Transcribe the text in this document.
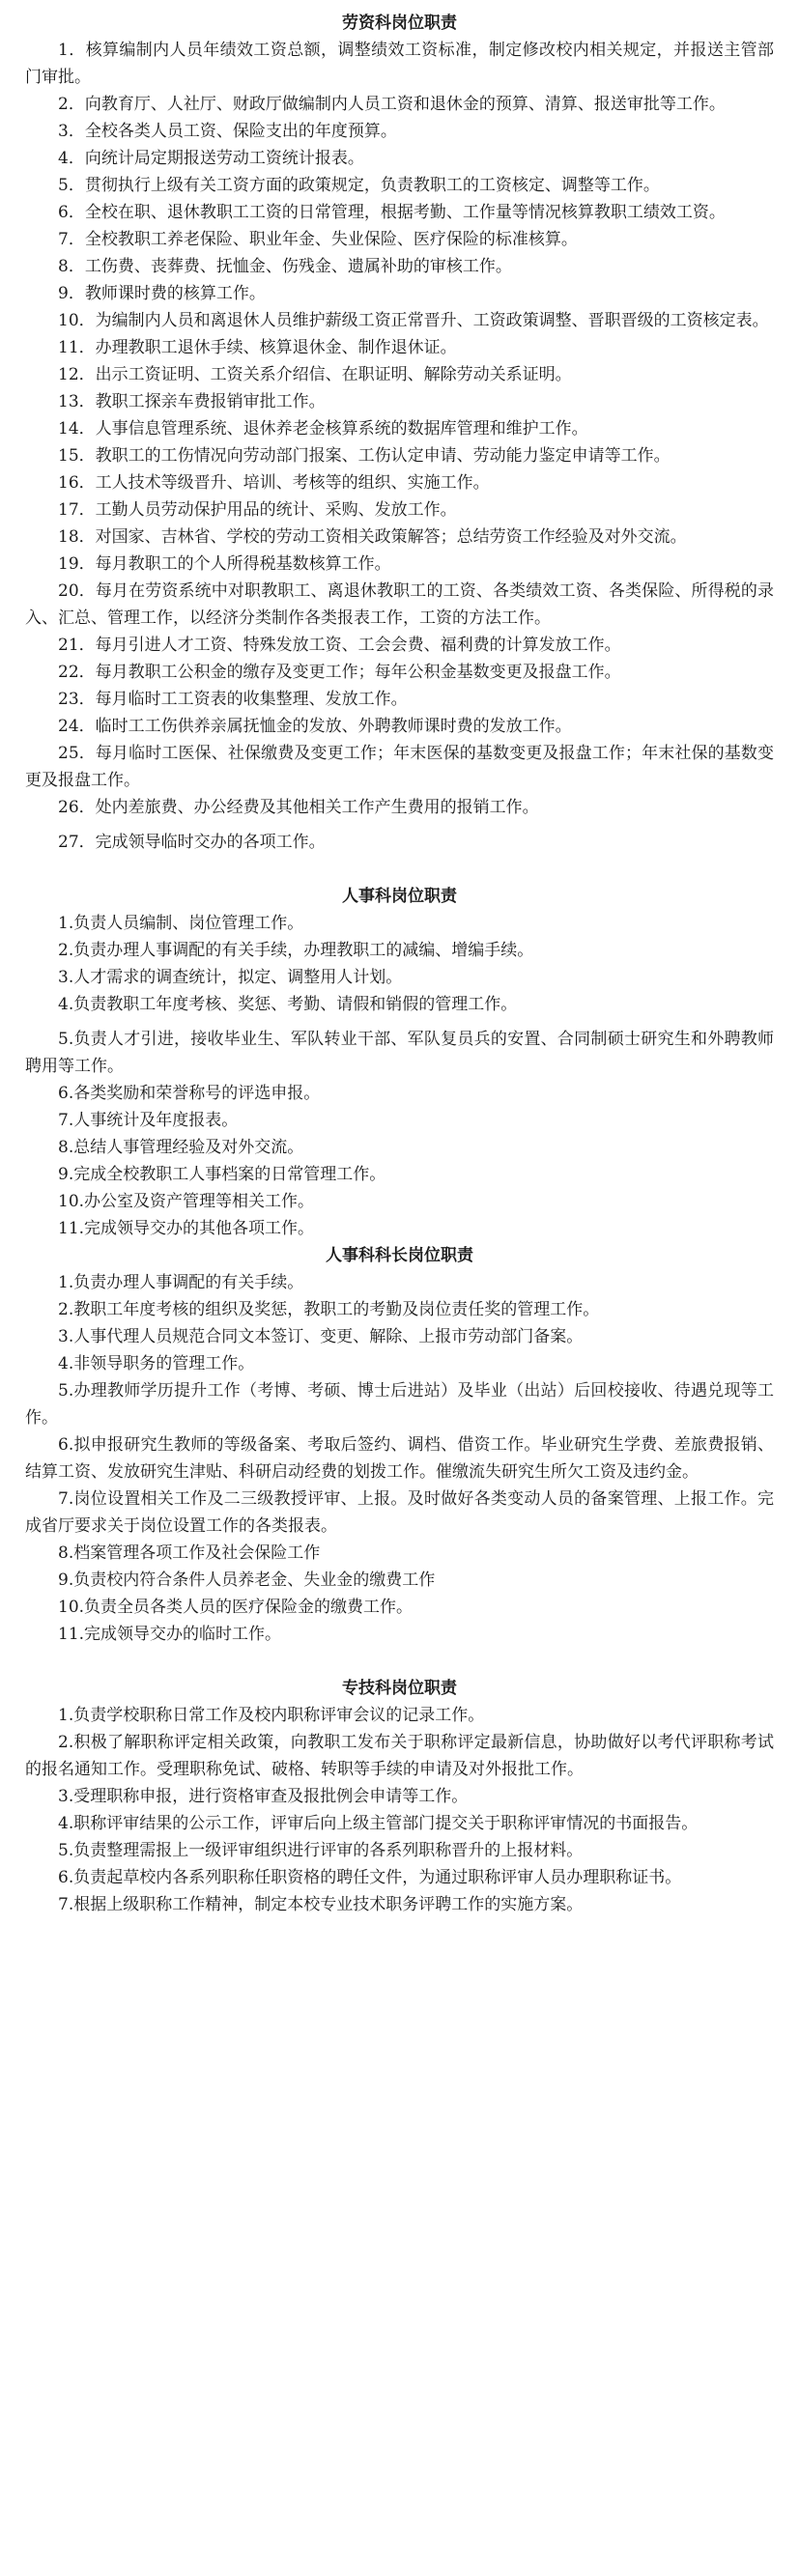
劳资科岗位职责

1．核算编制内人员年绩效工资总额，调整绩效工资标准，制定修改校内相关规定，并报送主管部门审批。

2．向教育厅、人社厅、财政厅做编制内人员工资和退休金的预算、清算、报送审批等工作。

3．全校各类人员工资、保险支出的年度预算。

4．向统计局定期报送劳动工资统计报表。

5．贯彻执行上级有关工资方面的政策规定，负责教职工的工资核定、调整等工作。

6．全校在职、退休教职工工资的日常管理，根据考勤、工作量等情况核算教职工绩效工资。

7．全校教职工养老保险、职业年金、失业保险、医疗保险的标准核算。

8．工伤费、丧葬费、抚恤金、伤残金、遗属补助的审核工作。

9．教师课时费的核算工作。

10．为编制内人员和离退休人员维护薪级工资正常晋升、工资政策调整、晋职晋级的工资核定表。

11．办理教职工退休手续、核算退休金、制作退休证。

12．出示工资证明、工资关系介绍信、在职证明、解除劳动关系证明。

13．教职工探亲车费报销审批工作。

14．人事信息管理系统、退休养老金核算系统的数据库管理和维护工作。

15．教职工的工伤情况向劳动部门报案、工伤认定申请、劳动能力鉴定申请等工作。

16．工人技术等级晋升、培训、考核等的组织、实施工作。

17．工勤人员劳动保护用品的统计、采购、发放工作。

18．对国家、吉林省、学校的劳动工资相关政策解答；总结劳资工作经验及对外交流。

19．每月教职工的个人所得税基数核算工作。

20．每月在劳资系统中对职教职工、离退休教职工的工资、各类绩效工资、各类保险、所得税的录入、汇总、管理工作，以经济分类制作各类报表工作，工资的方法工作。

21．每月引进人才工资、特殊发放工资、工会会费、福利费的计算发放工作。

22．每月教职工公积金的缴存及变更工作；每年公积金基数变更及报盘工作。

23．每月临时工工资表的收集整理、发放工作。

24．临时工工伤供养亲属抚恤金的发放、外聘教师课时费的发放工作。

25．每月临时工医保、社保缴费及变更工作；年末医保的基数变更及报盘工作；年末社保的基数变更及报盘工作。

26．处内差旅费、办公经费及其他相关工作产生费用的报销工作。

27．完成领导临时交办的各项工作。

人事科岗位职责

1.负责人员编制、岗位管理工作。

2.负责办理人事调配的有关手续，办理教职工的减编、增编手续。

3.人才需求的调查统计，拟定、调整用人计划。

4.负责教职工年度考核、奖惩、考勤、请假和销假的管理工作。

5.负责人才引进，接收毕业生、军队转业干部、军队复员兵的安置、合同制硕士研究生和外聘教师聘用等工作。

6.各类奖励和荣誉称号的评选申报。

7.人事统计及年度报表。

8.总结人事管理经验及对外交流。

9.完成全校教职工人事档案的日常管理工作。

10.办公室及资产管理等相关工作。

11.完成领导交办的其他各项工作。

人事科科长岗位职责

1.负责办理人事调配的有关手续。

2.教职工年度考核的组织及奖惩，教职工的考勤及岗位责任奖的管理工作。

3.人事代理人员规范合同文本签订、变更、解除、上报市劳动部门备案。

4.非领导职务的管理工作。

5.办理教师学历提升工作（考博、考硕、博士后进站）及毕业（出站）后回校接收、待遇兑现等工作。

6.拟申报研究生教师的等级备案、考取后签约、调档、借资工作。毕业研究生学费、差旅费报销、结算工资、发放研究生津贴、科研启动经费的划拨工作。催缴流失研究生所欠工资及违约金。

7.岗位设置相关工作及二三级教授评审、上报。及时做好各类变动人员的备案管理、上报工作。完成省厅要求关于岗位设置工作的各类报表。

8.档案管理各项工作及社会保险工作

9.负责校内符合条件人员养老金、失业金的缴费工作

10.负责全员各类人员的医疗保险金的缴费工作。

11.完成领导交办的临时工作。

专技科岗位职责

1.负责学校职称日常工作及校内职称评审会议的记录工作。

2.积极了解职称评定相关政策，向教职工发布关于职称评定最新信息，协助做好以考代评职称考试的报名通知工作。受理职称免试、破格、转职等手续的申请及对外报批工作。

3.受理职称申报，进行资格审查及报批例会申请等工作。

4.职称评审结果的公示工作，评审后向上级主管部门提交关于职称评审情况的书面报告。

5.负责整理需报上一级评审组织进行评审的各系列职称晋升的上报材料。

6.负责起草校内各系列职称任职资格的聘任文件，为通过职称评审人员办理职称证书。

7.根据上级职称工作精神，制定本校专业技术职务评聘工作的实施方案。
